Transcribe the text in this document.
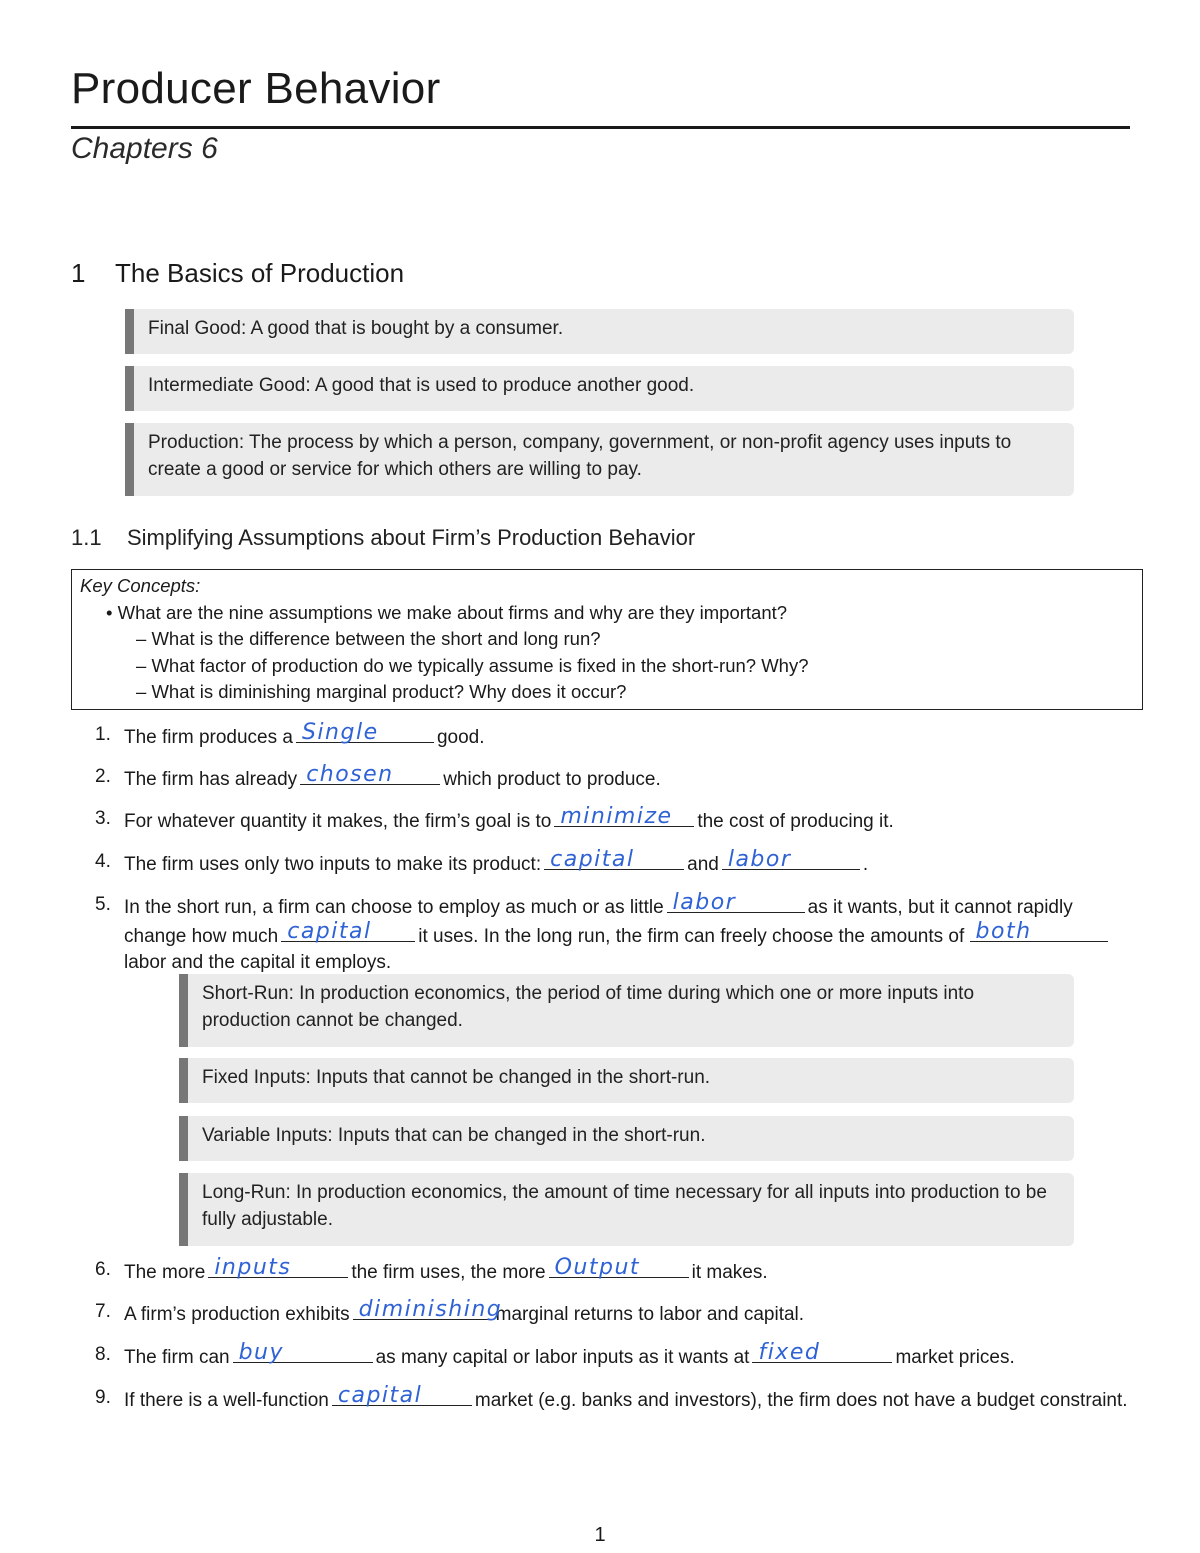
Producer Behavior
Chapters 6
1 The Basics of Production
Final Good: A good that is bought by a consumer.
Intermediate Good: A good that is used to produce another good.
Production: The process by which a person, company, government, or non-profit agency uses inputs to create a good or service for which others are willing to pay.
1.1 Simplifying Assumptions about Firm’s Production Behavior
Key Concepts:
• What are the nine assumptions we make about firms and why are they important?
– What is the difference between the short and long run?
– What factor of production do we typically assume is fixed in the short-run? Why?
– What is diminishing marginal product? Why does it occur?
1. The firm produces a Single	good.
2. The firm has already chosen	which product to produce.
3. For whatever quantity it makes, the firm’s goal is to minimize the cost of producing it.
4. The firm uses only two inputs to make its product: capital	and labor	.
5. In the short run, a firm can choose to employ as much or as little labor	as it wants, but it cannot rapidly change how much capital it uses. In the long run, the firm can freely choose the amounts of both
labor and the capital it employs.
Short-Run: In production economics, the period of time during which one or more inputs into production cannot be changed.
Fixed Inputs: Inputs that cannot be changed in the short-run.
Variable Inputs: Inputs that can be changed in the short-run.
Long-Run: In production economics, the amount of time necessary for all inputs into production to be fully adjustable.
6. The more inputs	the firm uses, the more Output	it makes.
7. A firm’s production exhibits diminishing
marginal returns to labor and capital.
8. The firm can buy	as many capital or labor inputs as it wants at fixed	market prices.
9. If there is a well-function capital	market (e.g. banks and investors), the firm does not have a budget constraint.
1
